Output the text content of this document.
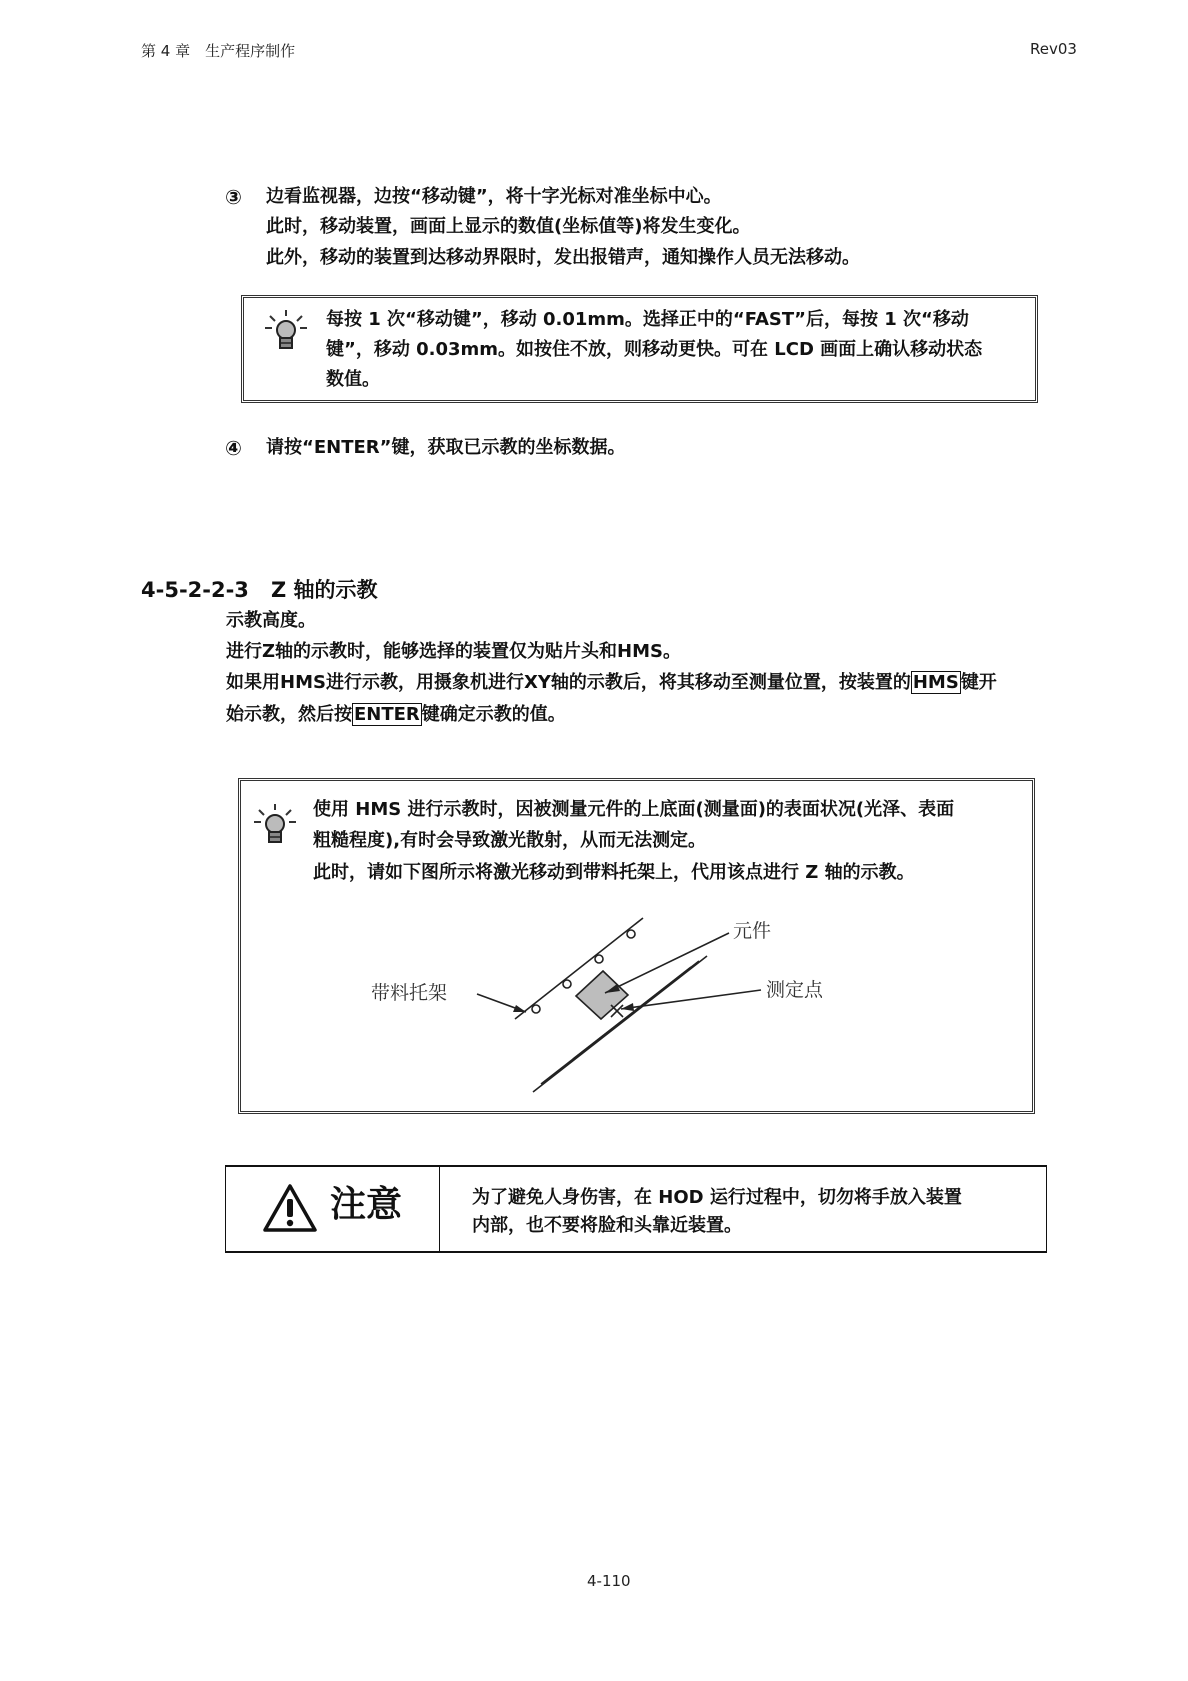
第 4 章　生产程序制作	Rev03
③ 边看监视器，边按“移动键”，将十字光标对准坐标中心。
此时，移动装置，画面上显示的数值(坐标值等)将发生变化。
此外，移动的装置到达移动界限时，发出报错声，通知操作人员无法移动。
每按 1 次“移动键”，移动 0.01mm。选择正中的“FAST”后，每按 1 次“移动
键”，移动 0.03mm。如按住不放，则移动更快。可在 LCD 画面上确认移动状态
数值。
④ 请按“ENTER”键，获取已示教的坐标数据。
4-5-2-2-3 Z 轴的示教
示教高度。
进行Z轴的示教时，能够选择的装置仅为贴片头和HMS。
如果用HMS进行示教，用摄象机进行XY轴的示教后，将其移动至测量位置，按装置的 HMS 键开
始示教，然后按 ENTER 键确定示教的值。
使用 HMS 进行示教时，因被测量元件的上底面(测量面)的表面状况(光泽、表面
粗糙程度),有时会导致激光散射，从而无法测定。
此时，请如下图所示将激光移动到带料托架上，代用该点进行 Z 轴的示教。
元件
测定点
带料托架
注意	为了避免人身伤害，在 HOD 运行过程中，切勿将手放入装置
内部，也不要将脸和头靠近装置。
4-110
